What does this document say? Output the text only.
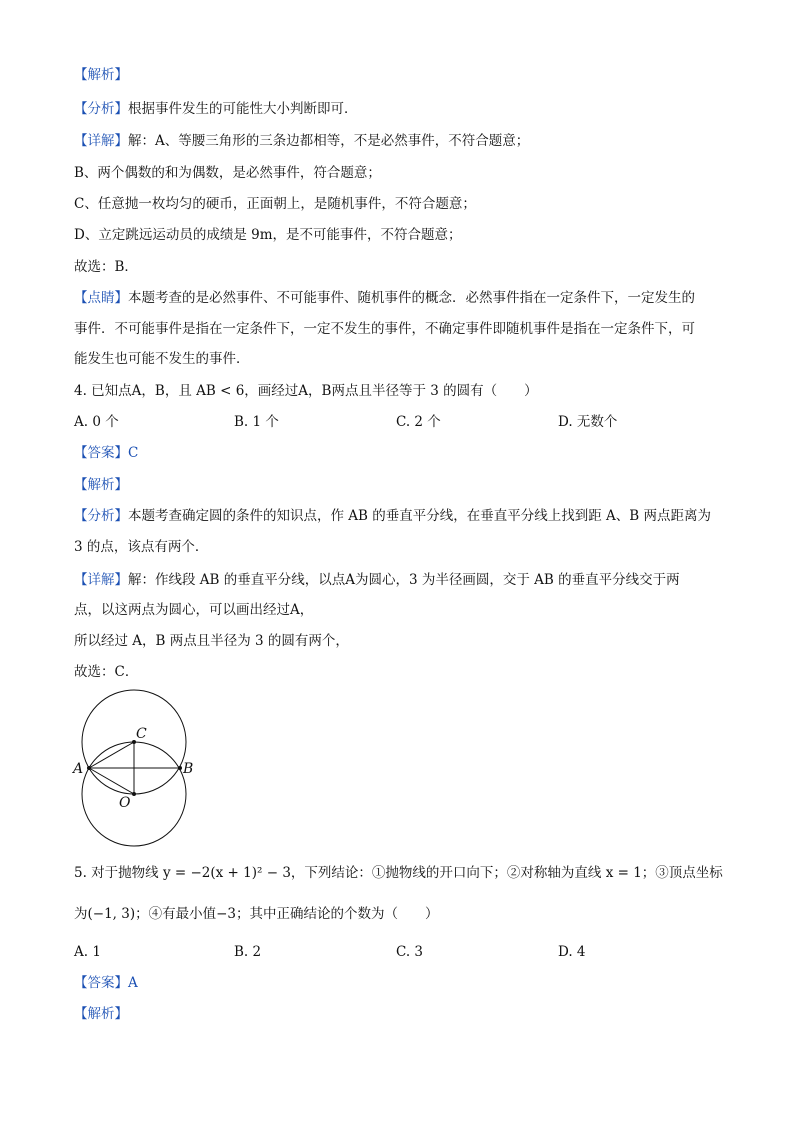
【解析】
【分析】根据事件发生的可能性大小判断即可．
【详解】解：A、等腰三角形的三条边都相等，不是必然事件，不符合题意；
B、两个偶数的和为偶数，是必然事件，符合题意；
C、任意抛一枚均匀的硬币，正面朝上，是随机事件，不符合题意；
D、立定跳远运动员的成绩是 9m，是不可能事件，不符合题意；
故选：B．
【点睛】本题考查的是必然事件、不可能事件、随机事件的概念．必然事件指在一定条件下，一定发生的
事件．不可能事件是指在一定条件下，一定不发生的事件，不确定事件即随机事件是指在一定条件下，可
能发生也可能不发生的事件．
4. 已知点A，B，且 AB < 6，画经过A，B两点且半径等于 3 的圆有（　　）
A. 0 个	B. 1 个	C. 2 个	D. 无数个
【答案】C
【解析】
【分析】本题考查确定圆的条件的知识点，作 AB 的垂直平分线，在垂直平分线上找到距 A、B 两点距离为
3 的点，该点有两个．
【详解】解：作线段 AB 的垂直平分线，以点A为圆心，3 为半径画圆，交于 AB 的垂直平分线交于两
点，以这两点为圆心，可以画出经过A，
所以经过 A，B 两点且半径为 3 的圆有两个，
故选：C．
C
A	B
O
5. 对于抛物线 y = −2(x + 1)² − 3，下列结论：①抛物线的开口向下；②对称轴为直线 x = 1；③顶点坐标
为(−1, 3)；④有最小值−3；其中正确结论的个数为（　　）
A. 1	B. 2	C. 3	D. 4
【答案】A
【解析】
